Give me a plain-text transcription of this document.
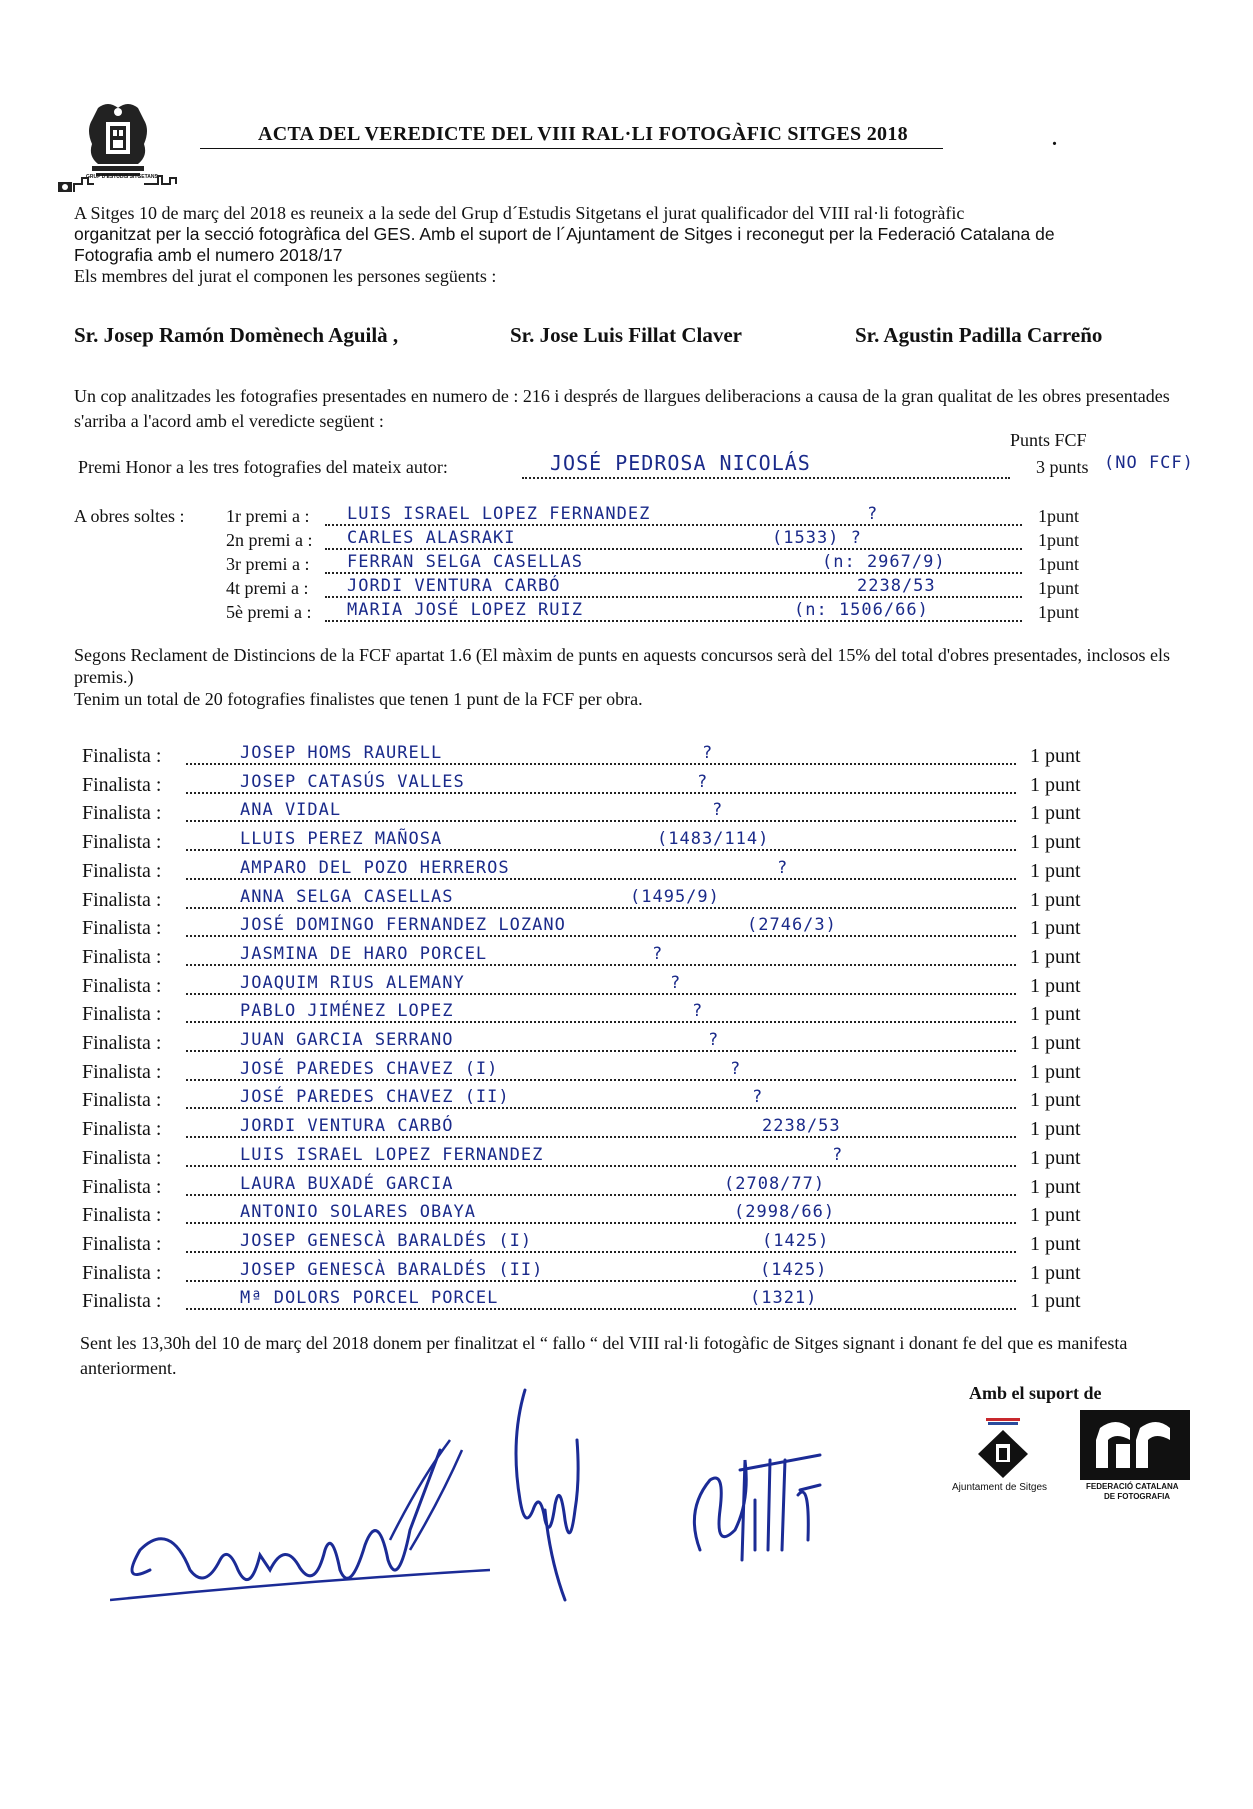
GRUP D'ESTUDIS SITGETANS
ACTA DEL VEREDICTE DEL VIII RAL·LI FOTOGÀFIC SITGES 2018	.
A Sitges 10 de març del 2018 es reuneix a la sede del Grup d´Estudis Sitgetans el jurat qualificador del VIII ral·li fotogràfic
organitzat per la secció fotogràfica del GES. Amb el suport de l´Ajuntament de Sitges i reconegut per la Federació Catalana de
Fotografia amb el numero 2018/17
Els membres del jurat el componen les persones següents :
Sr. Josep Ramón Domènech Aguilà ,	Sr. Jose Luis Fillat Claver	Sr. Agustin Padilla Carreño
Un cop analitzades les fotografies presentades en numero de : 216 i després de llargues deliberacions a causa de la gran qualitat de les obres presentades s'arriba a l'acord amb el veredicte següent :
Punts FCF
Premi Honor a les tres fotografies del mateix autor:	JOSÉ PEDROSA NICOLÁS	3 punts (NO FCF)
A obres soltes : 1r premi a : LUIS ISRAEL LOPEZ FERNANDEZ	?	1punt
2n premi a : CARLES ALASRAKI	(1533) ?	1punt
3r premi a : FERRAN SELGA CASELLAS	(n: 2967/9)	1punt
4t premi a : JORDI VENTURA CARBÓ	2238/53	1punt
5è premi a : MARIA JOSÉ LOPEZ RUIZ	(n: 1506/66)	1punt
Segons Reclament de Distincions de la FCF apartat 1.6 (El màxim de punts en aquests concursos serà del 15% del total d'obres presentades, inclosos els premis.)
Tenim un total de 20 fotografies finalistes que tenen 1 punt de la FCF per obra.
Finalista :	JOSEP HOMS RAURELL	?	1 punt
Finalista :	JOSEP CATASÚS VALLES	?	1 punt
Finalista :	ANA VIDAL	?	1 punt
Finalista :	LLUIS PEREZ MAÑOSA	(1483/114)	1 punt
Finalista :	AMPARO DEL POZO HERREROS	?	1 punt
Finalista :	ANNA SELGA CASELLAS	(1495/9)	1 punt
Finalista :	JOSÉ DOMINGO FERNANDEZ LOZANO	(2746/3)	1 punt
Finalista :	JASMINA DE HARO PORCEL	?	1 punt
Finalista :	JOAQUIM RIUS ALEMANY	?	1 punt
Finalista :	PABLO JIMÉNEZ LOPEZ	?	1 punt
Finalista :	JUAN GARCIA SERRANO	?	1 punt
Finalista :	JOSÉ PAREDES CHAVEZ (I)	?	1 punt
Finalista :	JOSÉ PAREDES CHAVEZ (II)	?	1 punt
Finalista :	JORDI VENTURA CARBÓ	2238/53	1 punt
Finalista :	LUIS ISRAEL LOPEZ FERNANDEZ	?	1 punt
Finalista :	LAURA BUXADÉ GARCIA	(2708/77)	1 punt
Finalista :	ANTONIO SOLARES OBAYA	(2998/66)	1 punt
Finalista :	JOSEP GENESCÀ BARALDÉS (I)	(1425)	1 punt
Finalista :	JOSEP GENESCÀ BARALDÉS (II)	(1425)	1 punt
Finalista :	Mª DOLORS PORCEL PORCEL	(1321)	1 punt
Sent les 13,30h del 10 de març del 2018 donem per finalitzat el “ fallo “ del VIII ral·li fotogàfic de Sitges signant i donant fe del que es manifesta anteriorment.
Amb el suport de
Ajuntament de Sitges	FEDERACIÓ CATALANA
DE FOTOGRAFIA
